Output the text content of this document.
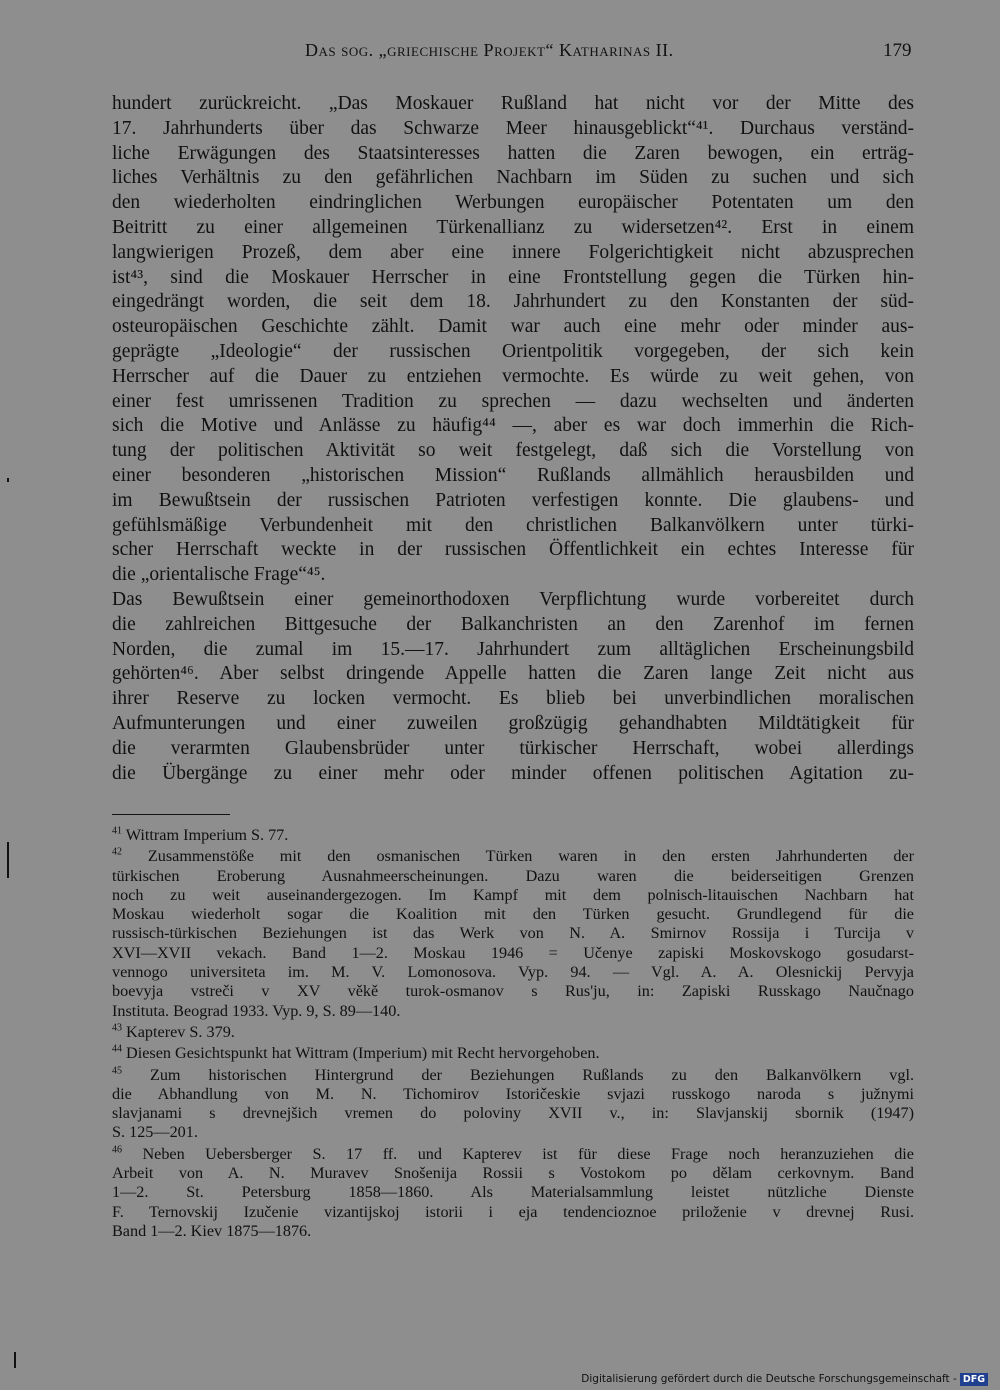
Das sog. „griechische Projekt“ Katharinas II.	179
hundert zurückreicht. „Das Moskauer Rußland hat nicht vor der Mitte des
17. Jahrhunderts über das Schwarze Meer hinausgeblickt“⁴¹. Durchaus verständ-
liche Erwägungen des Staatsinteresses hatten die Zaren bewogen, ein erträg-
liches Verhältnis zu den gefährlichen Nachbarn im Süden zu suchen und sich
den wiederholten eindringlichen Werbungen europäischer Potentaten um den
Beitritt zu einer allgemeinen Türkenallianz zu widersetzen⁴². Erst in einem
langwierigen Prozeß, dem aber eine innere Folgerichtigkeit nicht abzusprechen
ist⁴³, sind die Moskauer Herrscher in eine Frontstellung gegen die Türken hin-
eingedrängt worden, die seit dem 18. Jahrhundert zu den Konstanten der süd-
osteuropäischen Geschichte zählt. Damit war auch eine mehr oder minder aus-
geprägte „Ideologie“ der russischen Orientpolitik vorgegeben, der sich kein
Herrscher auf die Dauer zu entziehen vermochte. Es würde zu weit gehen, von
einer fest umrissenen Tradition zu sprechen — dazu wechselten und änderten
sich die Motive und Anlässe zu häufig⁴⁴ —, aber es war doch immerhin die Rich-
tung der politischen Aktivität so weit festgelegt, daß sich die Vorstellung von
einer besonderen „historischen Mission“ Rußlands allmählich herausbilden und
im Bewußtsein der russischen Patrioten verfestigen konnte. Die glaubens- und
gefühlsmäßige Verbundenheit mit den christlichen Balkanvölkern unter türki-
scher Herrschaft weckte in der russischen Öffentlichkeit ein echtes Interesse für
die „orientalische Frage“⁴⁵.
Das Bewußtsein einer gemeinorthodoxen Verpflichtung wurde vorbereitet durch
die zahlreichen Bittgesuche der Balkanchristen an den Zarenhof im fernen
Norden, die zumal im 15.—17. Jahrhundert zum alltäglichen Erscheinungsbild
gehörten⁴⁶. Aber selbst dringende Appelle hatten die Zaren lange Zeit nicht aus
ihrer Reserve zu locken vermocht. Es blieb bei unverbindlichen moralischen
Aufmunterungen und einer zuweilen großzügig gehandhabten Mildtätigkeit für
die verarmten Glaubensbrüder unter türkischer Herrschaft, wobei allerdings
die Übergänge zu einer mehr oder minder offenen politischen Agitation zu-
$^{41}$ Wittram Imperium S. 77.
$^{42}$ Zusammenstöße mit den osmanischen Türken waren in den ersten Jahrhunderten der
türkischen Eroberung Ausnahmeerscheinungen. Dazu waren die beiderseitigen Grenzen
noch zu weit auseinandergezogen. Im Kampf mit dem polnisch-litauischen Nachbarn hat
Moskau wiederholt sogar die Koalition mit den Türken gesucht. Grundlegend für die
russisch-türkischen Beziehungen ist das Werk von N. A. Smirnov Rossija i Turcija v
XVI—XVII vekach. Band 1—2. Moskau 1946 = Učenye zapiski Moskovskogo gosudarst-
vennogo universiteta im. M. V. Lomonosova. Vyp. 94. — Vgl. A. A. Olesnickij Pervyja
boevyja vstreči v XV věkě turok-osmanov s Rus'ju, in: Zapiski Russkago Naučnago
Instituta. Beograd 1933. Vyp. 9, S. 89—140.
$^{43}$ Kapterev S. 379.
$^{44}$ Diesen Gesichtspunkt hat Wittram (Imperium) mit Recht hervorgehoben.
$^{45}$ Zum historischen Hintergrund der Beziehungen Rußlands zu den Balkanvölkern vgl.
die Abhandlung von M. N. Tichomirov Istoričeskie svjazi russkogo naroda s južnymi
slavjanami s drevnejšich vremen do poloviny XVII v., in: Slavjanskij sbornik (1947)
S. 125—201.
$^{46}$ Neben Uebersberger S. 17 ff. und Kapterev ist für diese Frage noch heranzuziehen die
Arbeit von A. N. Muravev Snošenija Rossii s Vostokom po dělam cerkovnym. Band
1—2. St. Petersburg 1858—1860. Als Materialsammlung leistet nützliche Dienste
F. Ternovskij Izučenie vizantijskoj istorii i eja tendencioznoe priloženie v drevnej Rusi.
Band 1—2. Kiev 1875—1876.
Digitalisierung gefördert durch die Deutsche Forschungsgemeinschaft - DFG
